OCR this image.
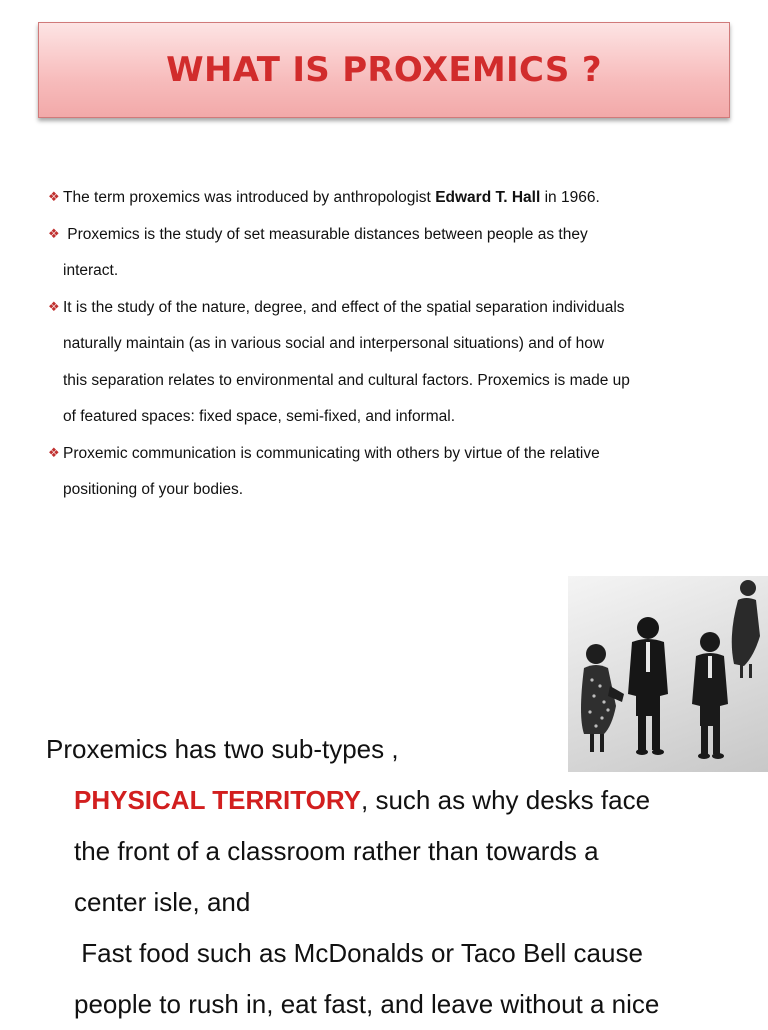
WHAT IS PROXEMICS ?
❖ The term proxemics was introduced by anthropologist Edward T. Hall in 1966.
❖ Proxemics is the study of set measurable distances between people as they
interact.
❖ It is the study of the nature, degree, and effect of the spatial separation individuals
naturally maintain (as in various social and interpersonal situations) and of how
this separation relates to environmental and cultural factors. Proxemics is made up
of featured spaces: fixed space, semi-fixed, and informal.
❖ Proxemic communication is communicating with others by virtue of the relative
positioning of your bodies.
Proxemics has two sub-types ,
PHYSICAL TERRITORY, such as why desks face
the front of a classroom rather than towards a
center isle, and
Fast food such as McDonalds or Taco Bell cause
people to rush in, eat fast, and leave without a nice
